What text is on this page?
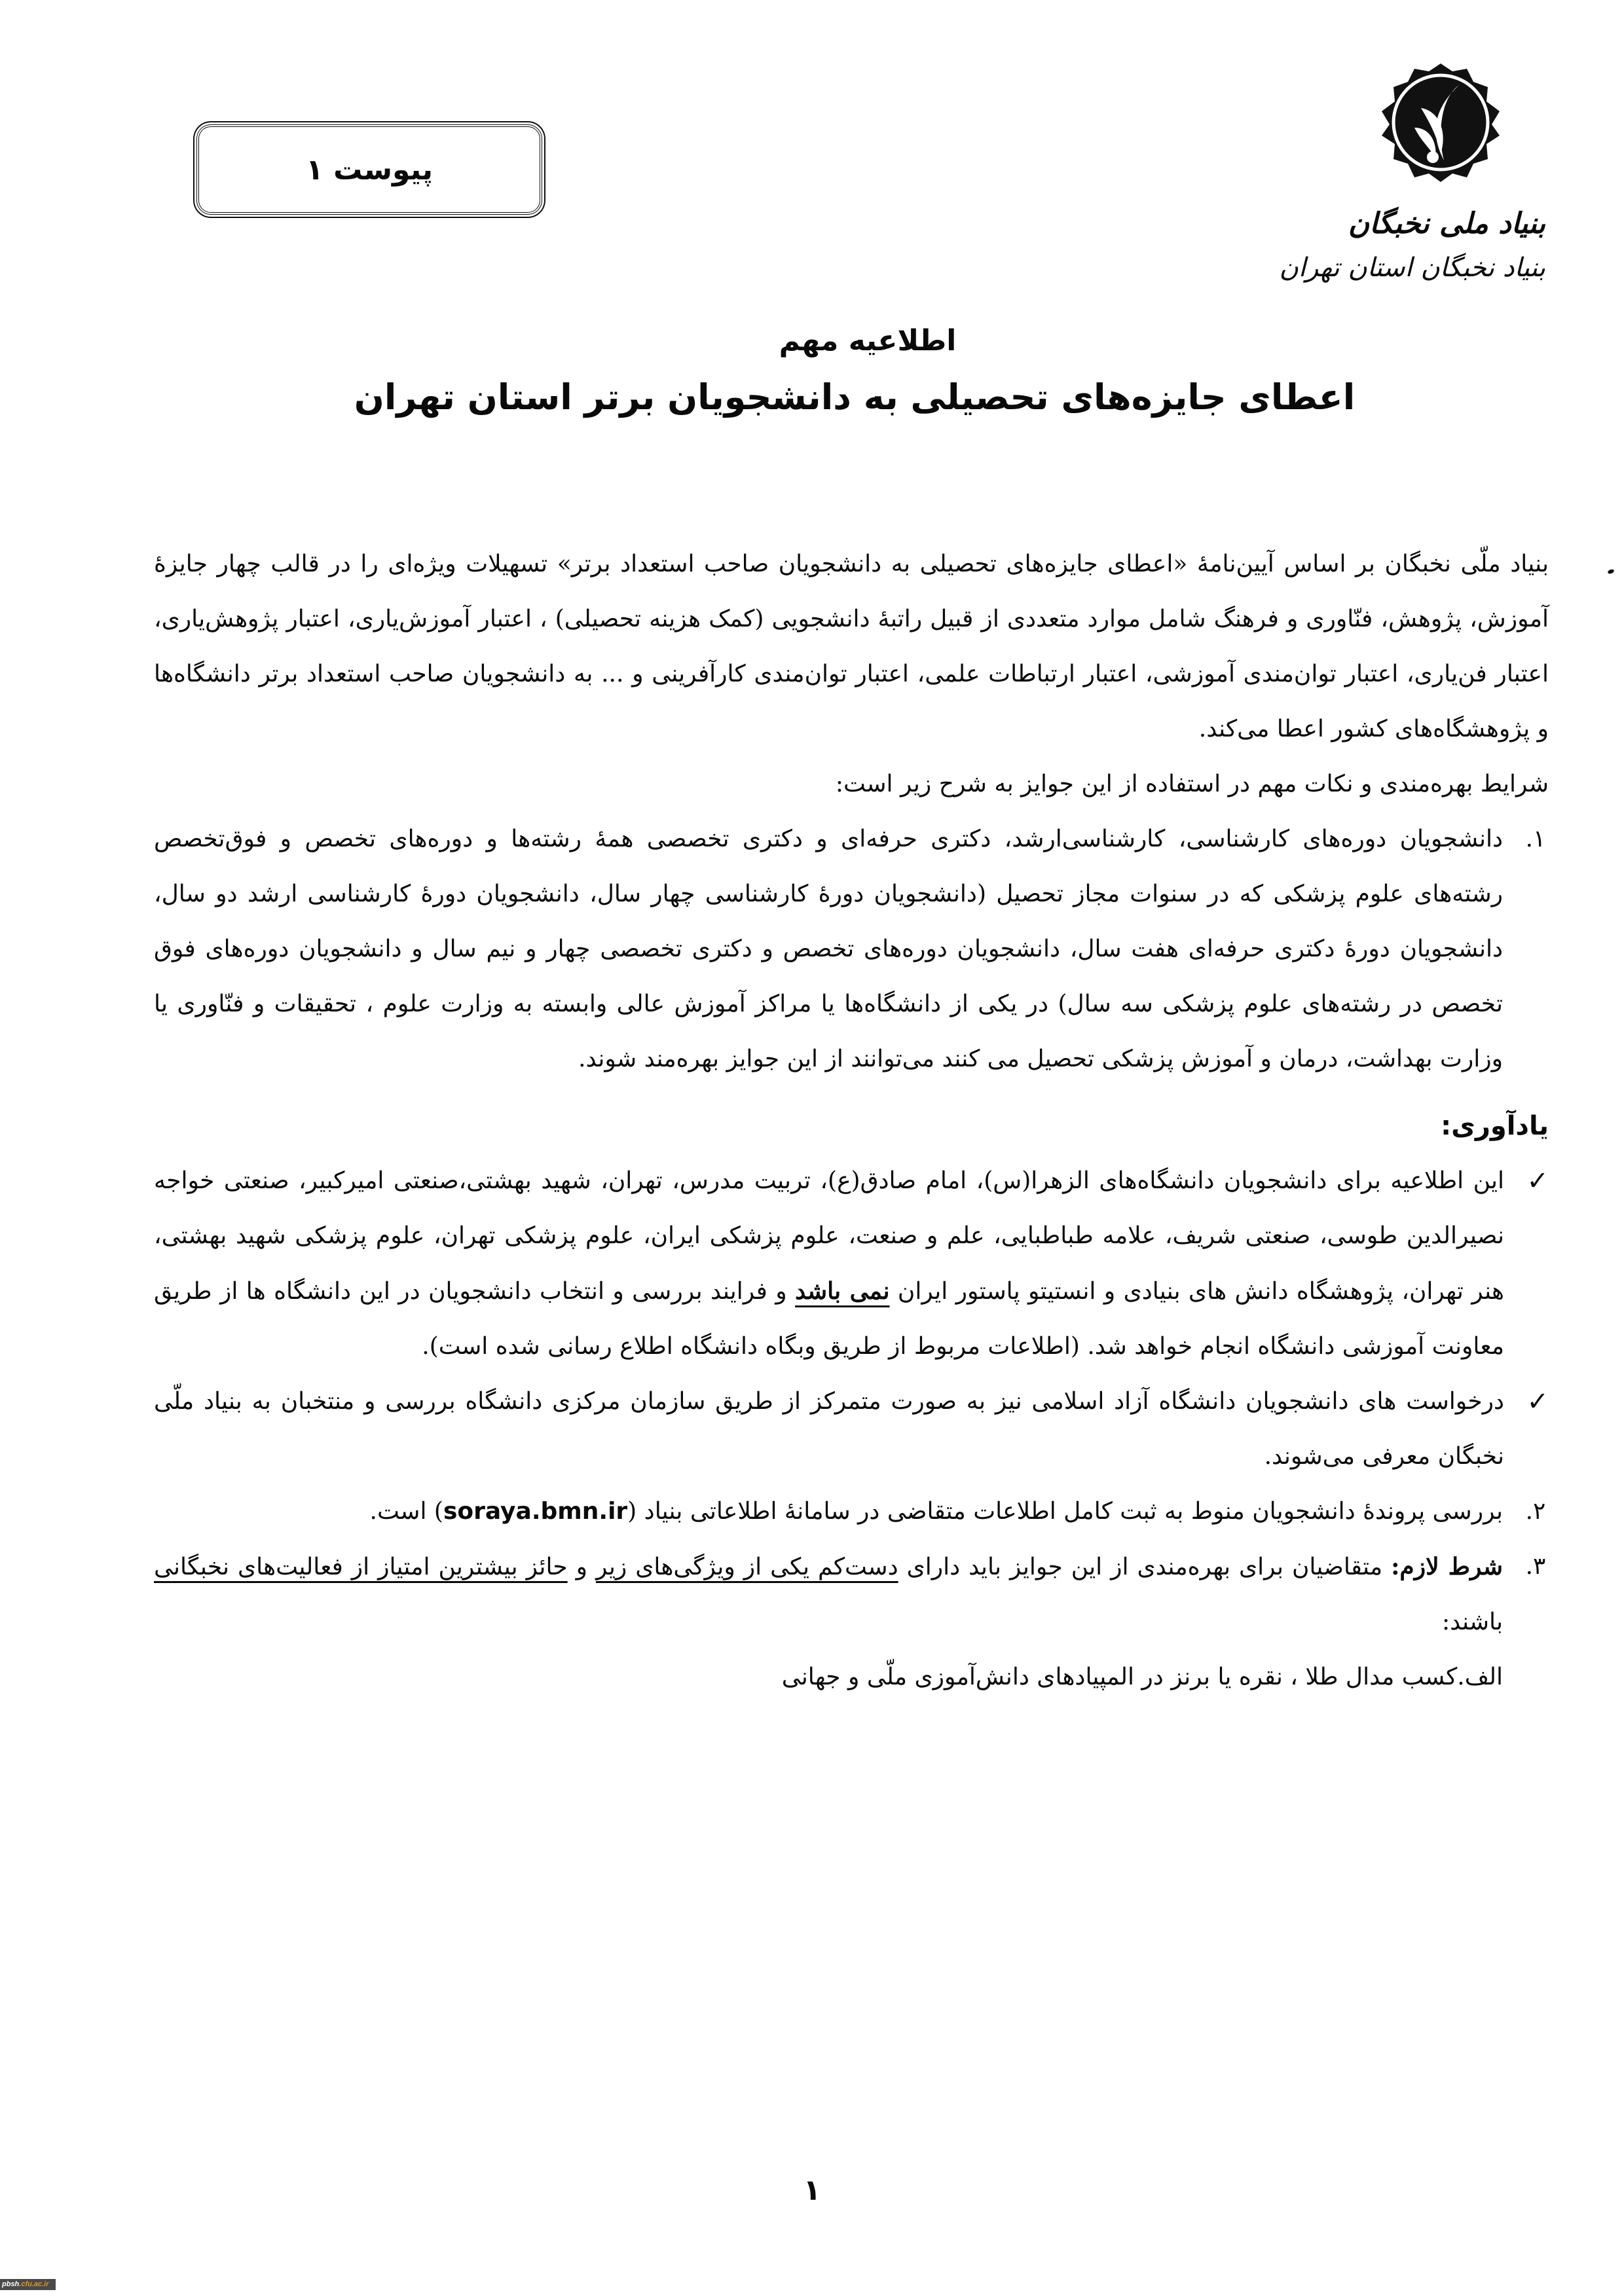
بنیاد ملی نخبگان
بنیاد نخبگان استان تهران
پیوست ۱
اطلاعیه مهم
اعطای جایزه‌های تحصیلی به دانشجویان برتر استان تهران

بنیاد ملّی نخبگان بر اساس آیین‌نامهٔ «اعطای جایزه‌های تحصیلی به دانشجویان صاحب استعداد برتر» تسهیلات ویژه‌ای را در قالب چهار جایزهٔ آموزش، پژوهش، فنّاوری و فرهنگ شامل موارد متعددی از قبیل راتبهٔ دانشجویی (کمک هزینه تحصیلی) ، اعتبار آموزش‌یاری، اعتبار پژوهش‌یاری، اعتبار فن‌یاری، اعتبار توان‌مندی آموزشی، اعتبار ارتباطات علمی، اعتبار توان‌مندی کارآفرینی و ... به دانشجویان صاحب استعداد برتر دانشگاه‌ها و پژوهشگاه‌های کشور اعطا می‌کند.

شرایط بهره‌مندی و نکات مهم در استفاده از این جوایز به شرح زیر است:

۱.
دانشجویان دوره‌های کارشناسی، کارشناسی‌ارشد، دکتری حرفه‌ای و دکتری تخصصی همهٔ رشته‌ها و دوره‌های تخصص و فوق‌تخصص رشته‌های علوم پزشکی که در سنوات مجاز تحصیل (دانشجویان دورهٔ کارشناسی چهار سال، دانشجویان دورهٔ کارشناسی ارشد دو سال، دانشجویان دورهٔ دکتری حرفه‌ای هفت سال، دانشجویان دوره‌های تخصص و دکتری تخصصی چهار و نیم سال و دانشجویان دوره‌های فوق تخصص در رشته‌های علوم پزشکی سه سال) در یکی از دانشگاه‌ها یا مراکز آموزش عالی وابسته به وزارت علوم ، تحقیقات و فنّاوری یا وزارت بهداشت، درمان و آموزش پزشکی تحصیل می کنند می‌توانند از این جوایز بهره‌مند شوند.
یادآوری:
✓
این اطلاعیه برای دانشجویان دانشگاه‌های الزهرا(س)، امام صادق(ع)، تربیت مدرس، تهران، شهید بهشتی،صنعتی امیرکبیر، صنعتی خواجه نصیرالدین طوسی، صنعتی شریف، علامه طباطبایی، علم و صنعت، علوم پزشکی ایران، علوم پزشکی تهران، علوم پزشکی شهید بهشتی، هنر تهران، پژوهشگاه دانش های بنیادی و انستیتو پاستور ایران نمی باشد و فرایند بررسی و انتخاب دانشجویان در این دانشگاه ها از طریق معاونت آموزشی دانشگاه انجام خواهد شد. (اطلاعات مربوط از طریق وبگاه دانشگاه اطلاع رسانی شده است).
✓
درخواست های دانشجویان دانشگاه آزاد اسلامی نیز به صورت متمرکز از طریق سازمان مرکزی دانشگاه بررسی و منتخبان به بنیاد ملّی نخبگان معرفی می‌شوند.
۲.
بررسی پروندهٔ دانشجویان منوط به ثبت کامل اطلاعات متقاضی در سامانهٔ اطلاعاتی بنیاد (soraya.bmn.ir) است.
۳.
شرط لازم: متقاضیان برای بهره‌مندی از این جوایز باید دارای دست‌کم یکی از ویژگی‌های زیر و حائز بیشترین امتیاز از فعالیت‌های نخبگانی باشند:
الف.کسب مدال طلا ، نقره یا برنز در المپیادهای دانش‌آموزی ملّی و جهانی
۱
pbsh.cfu.ac.ir
